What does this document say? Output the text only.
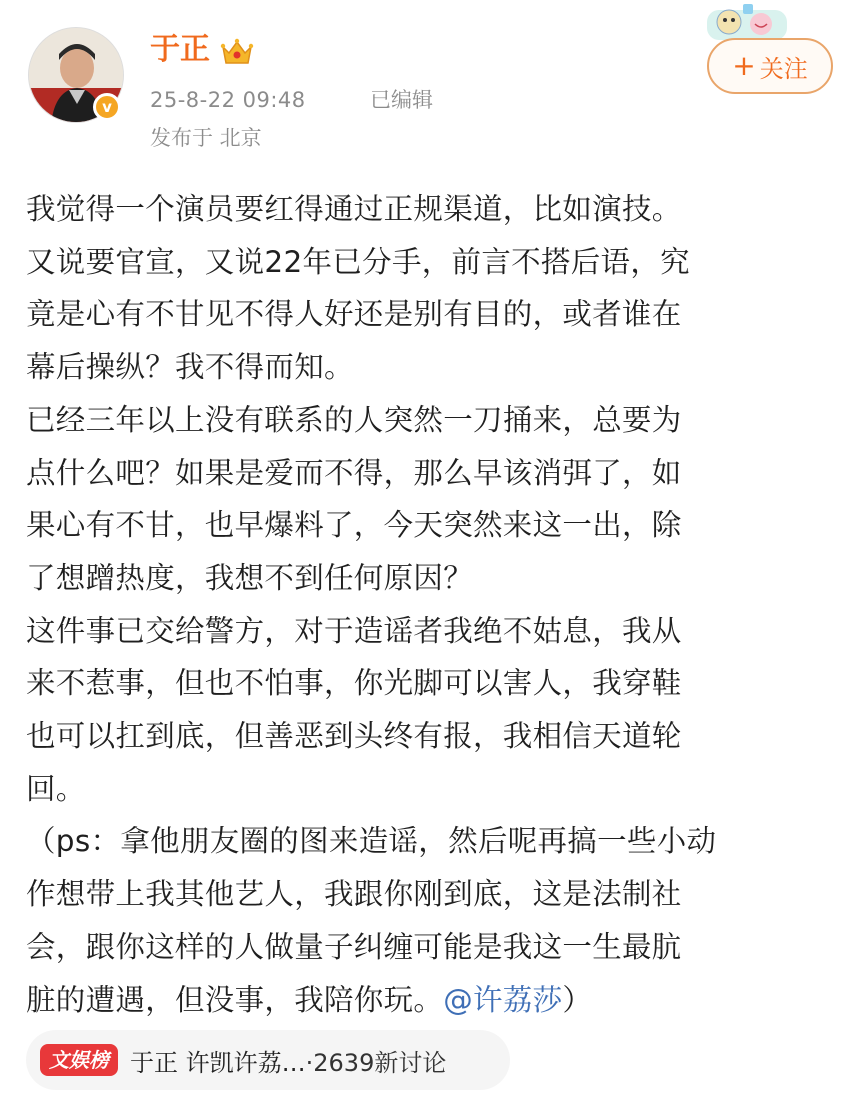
v
于正
25-8-22 09:48	已编辑
发布于 北京
+ 关注

我觉得一个演员要红得通过正规渠道，比如演技。

又说要官宣，又说22年已分手，前言不搭后语，究

竟是心有不甘见不得人好还是别有目的，或者谁在

幕后操纵？我不得而知。

已经三年以上没有联系的人突然一刀捅来，总要为

点什么吧？如果是爱而不得，那么早该消弭了，如

果心有不甘，也早爆料了，今天突然来这一出，除

了想蹭热度，我想不到任何原因？

这件事已交给警方，对于造谣者我绝不姑息，我从

来不惹事，但也不怕事，你光脚可以害人，我穿鞋

也可以扛到底，但善恶到头终有报，我相信天道轮

回。

（ps：拿他朋友圈的图来造谣，然后呢再搞一些小动

作想带上我其他艺人，我跟你刚到底，这是法制社

会，跟你这样的人做量子纠缠可能是我这一生最肮

脏的遭遇，但没事，我陪你玩。@许荔莎）

文娱榜 于正 许凯许荔… ·2639新讨论
